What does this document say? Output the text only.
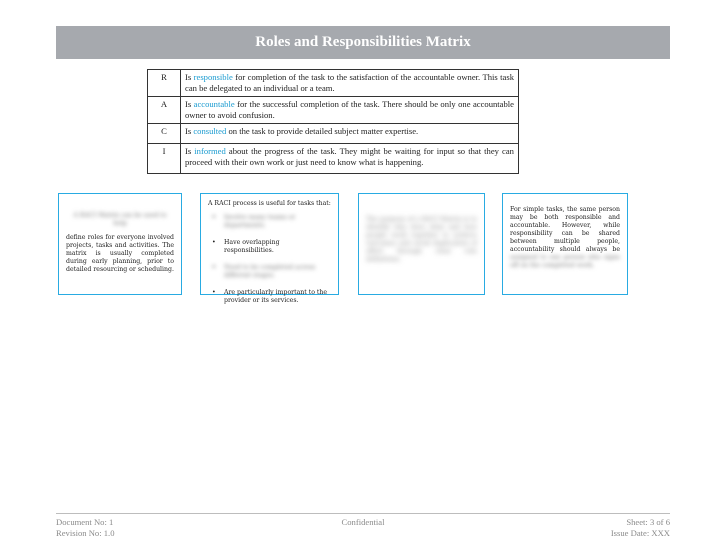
Roles and Responsibilities Matrix
R	Is responsible for completion of the task to the satisfaction of the accountable owner. This task can be delegated to an individual or a team.
A	Is accountable for the successful completion of the task. There should be only one accountable owner to avoid confusion.
C	Is consulted on the task to provide detailed subject matter expertise.
I	Is informed about the progress of the task. They might be waiting for input so that they can proceed with their own work or just need to know what is happening.
A RACI Matrix can be used to help
define roles for everyone involved projects, tasks and activities. The matrix is usually completed during early planning, prior to detailed resourcing or scheduling.
A RACI process is useful for tasks that:
• Involve many teams or departments.
• Have overlapping responsibilities.
• Need to be completed across different stages.
• Are particularly important to the provider or its services.
The purpose of a RACI Matrix is to identify who does what and how people work together to achieve outcomes and avoid duplication of effort through clear role definitions.
For simple tasks, the same person may be both responsible and accountable. However, while responsibility can be shared between multiple people, accountability should always be assigned to one person who signs off on the completed work.
Document No: 1
Revision No: 1.0
Confidential	Sheet: 3 of 6
Issue Date: XXX
